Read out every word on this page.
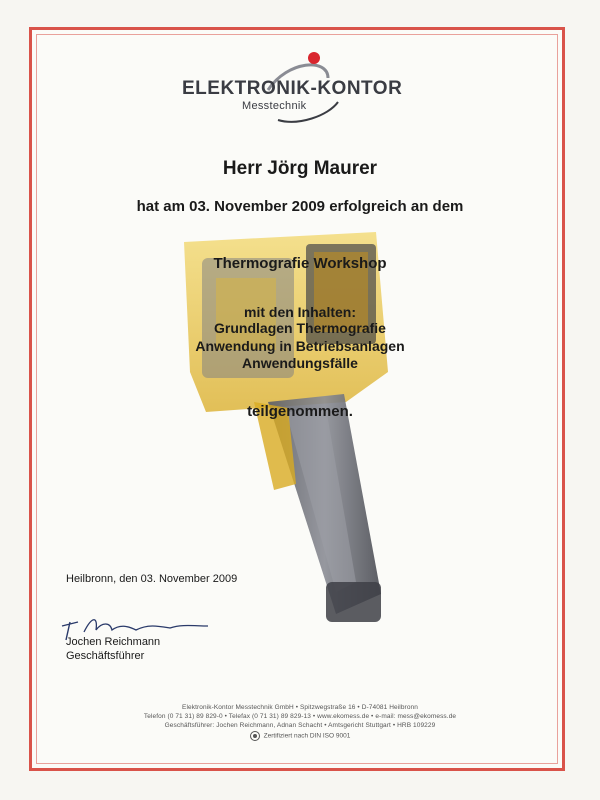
ELEKTRONIK-KONTOR
Messtechnik
Herr Jörg Maurer
hat am 03. November 2009 erfolgreich an dem
Thermografie Workshop
mit den Inhalten:
Grundlagen Thermografie
Anwendung in Betriebsanlagen
Anwendungsfälle
teilgenommen.
Heilbronn, den 03. November 2009
Jochen Reichmann
Geschäftsführer
Elektronik-Kontor Messtechnik GmbH • Spitzwegstraße 16 • D-74081 Heilbronn
Telefon (0 71 31) 89 829-0 • Telefax (0 71 31) 89 829-13 • www.ekomess.de • e-mail: mess@ekomess.de
Geschäftsführer: Jochen Reichmann, Adnan Schacht • Amtsgericht Stuttgart • HRB 109229
Zertifiziert nach DIN ISO 9001
